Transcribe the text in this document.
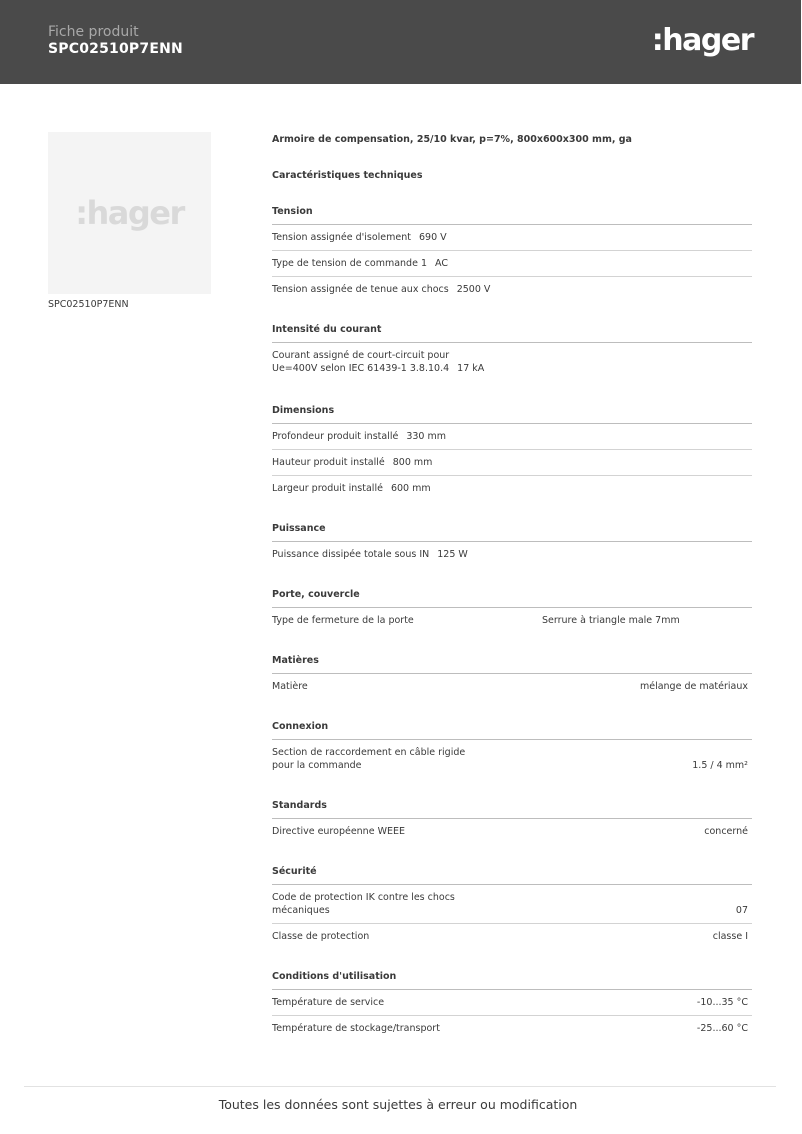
Fiche produit
SPC02510P7ENN	:hager
:hager
SPC02510P7ENN
Armoire de compensation, 25/10 kvar, p=7%, 800x600x300 mm, ga
Caractéristiques techniques
Tension
Tension assignée d'isolement 690 V
Type de tension de commande 1 AC
Tension assignée de tenue aux chocs 2500 V
Intensité du courant
Courant assigné de court-circuit pour
Ue=400V selon IEC 61439-1 3.8.10.4 17 kA
Dimensions
Profondeur produit installé 330 mm
Hauteur produit installé 800 mm
Largeur produit installé 600 mm
Puissance
Puissance dissipée totale sous IN 125 W
Porte, couvercle
Type de fermeture de la porte	Serrure à triangle male 7mm
Matières
Matière	mélange de matériaux
Connexion
Section de raccordement en câble rigide
pour la commande	1.5 / 4 mm²
Standards
Directive européenne WEEE	concerné
Sécurité
Code de protection IK contre les chocs
mécaniques	07
Classe de protection	classe I
Conditions d'utilisation
Température de service	-10...35 °C
Température de stockage/transport	-25...60 °C
Toutes les données sont sujettes à erreur ou modification
